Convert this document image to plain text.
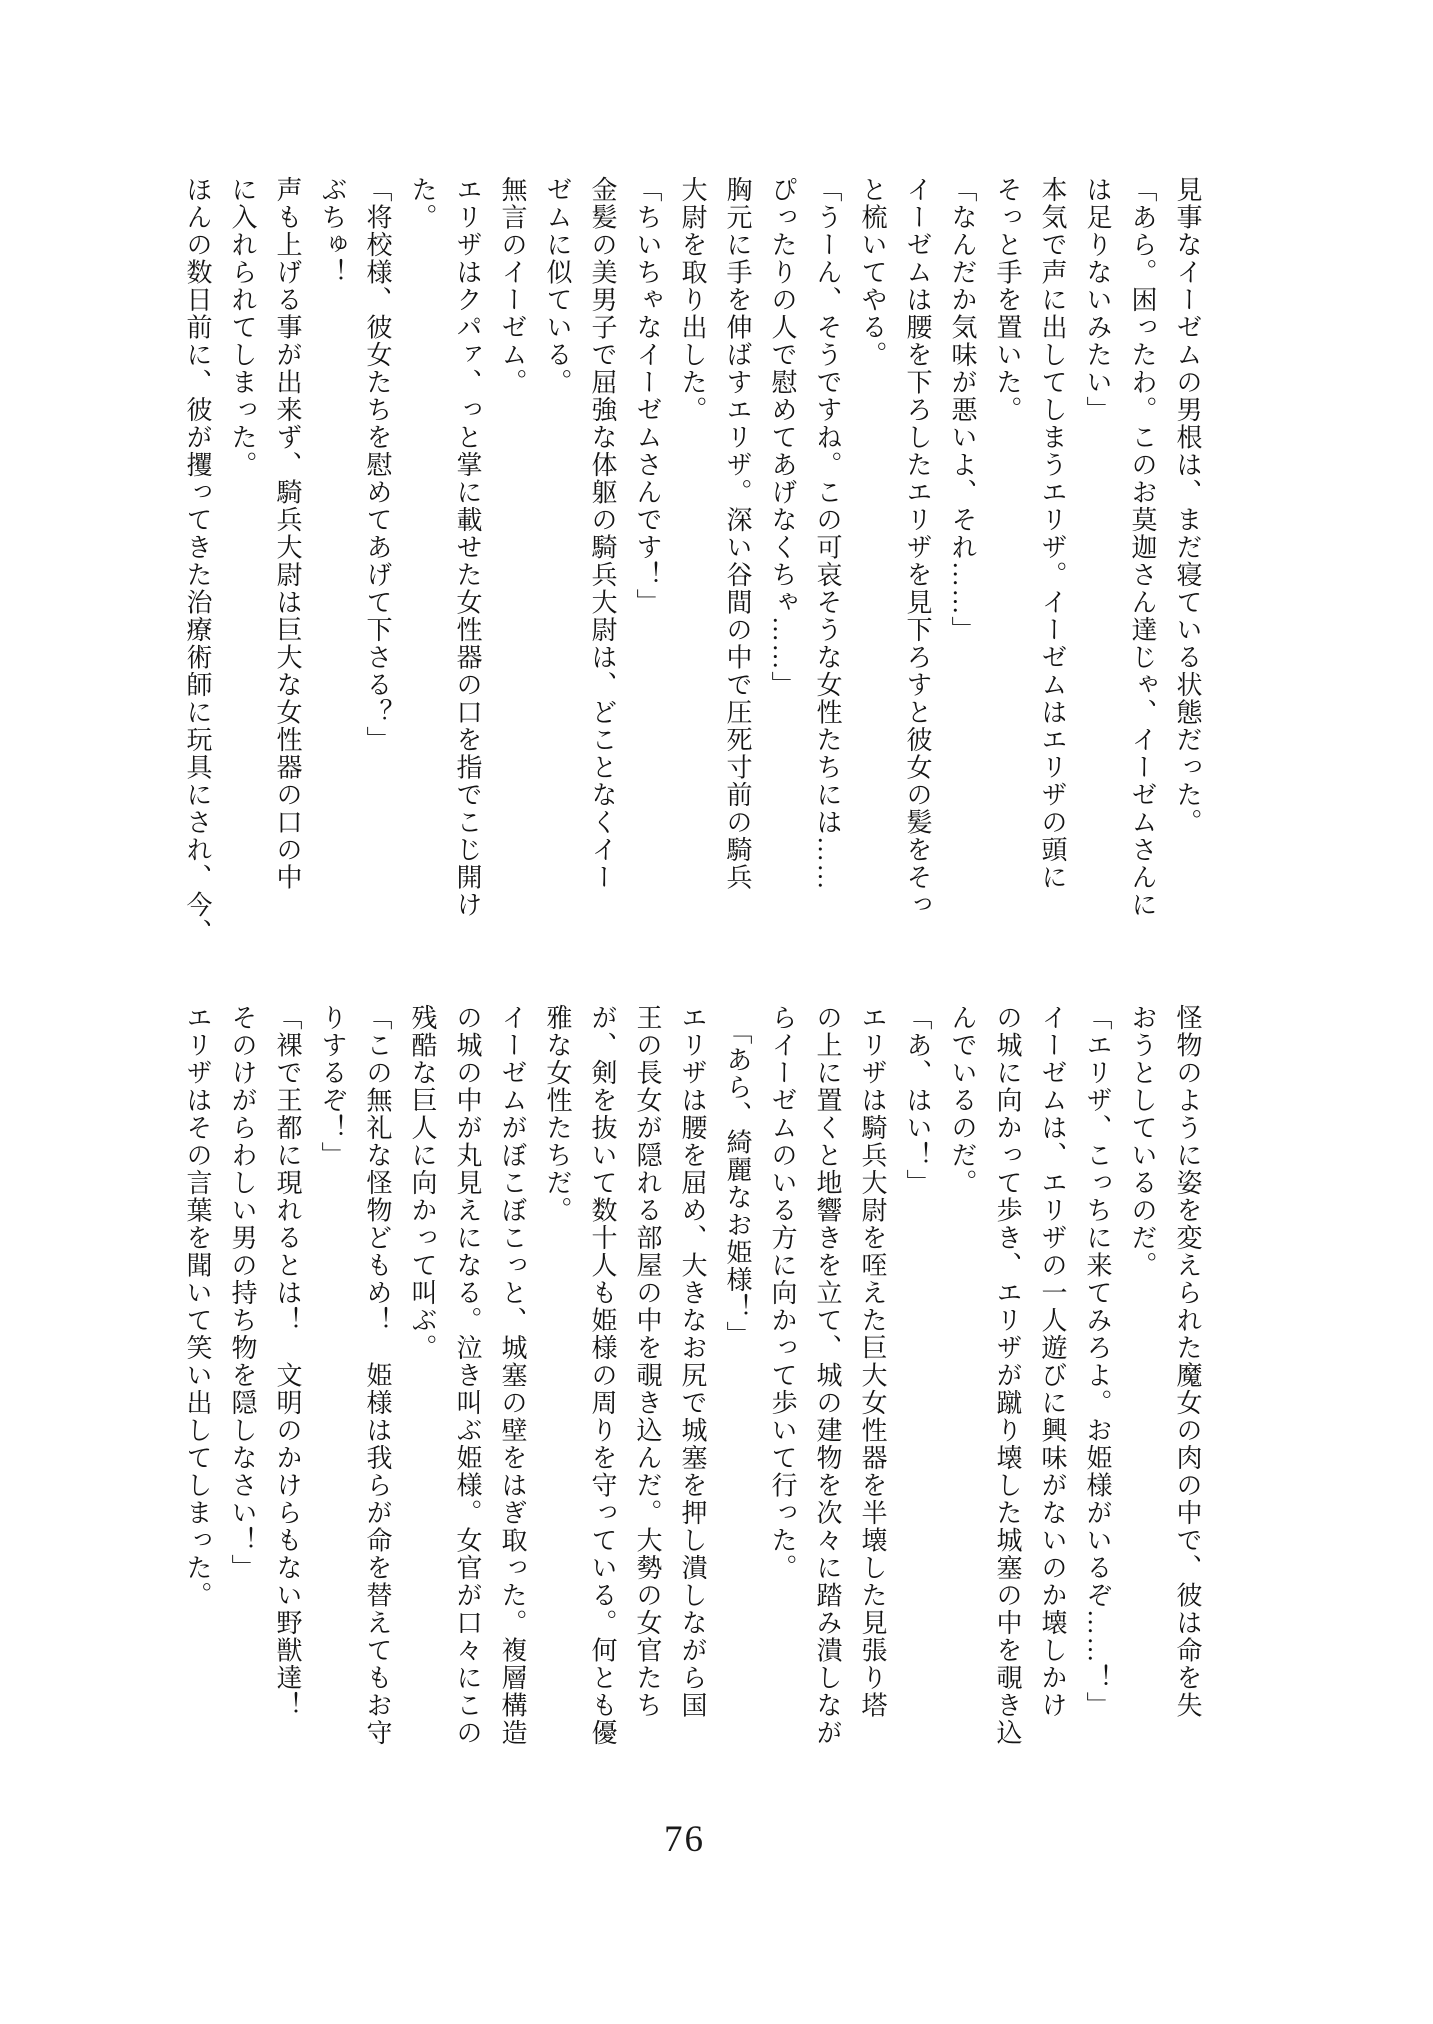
見事なイーゼムの男根は、まだ寝ている状態だった。

「あら。困ったわ。このお莫迦さん達じゃ、イーゼムさんに

は足りないみたい」

本気で声に出してしまうエリザ。イーゼムはエリザの頭に

そっと手を置いた。

「なんだか気味が悪いよ、それ……」

イーゼムは腰を下ろしたエリザを見下ろすと彼女の髪をそっ

と梳いてやる。

「うーん、そうですね。この可哀そうな女性たちには……

ぴったりの人で慰めてあげなくちゃ……」

胸元に手を伸ばすエリザ。深い谷間の中で圧死寸前の騎兵

大尉を取り出した。

「ちいちゃなイーゼムさんです！」

金髪の美男子で屈強な体躯の騎兵大尉は、どことなくイー

ゼムに似ている。

無言のイーゼム。

エリザはクパァ、っと掌に載せた女性器の口を指でこじ開け

た。

「将校様、彼女たちを慰めてあげて下さる？」

ぶちゅ！

声も上げる事が出来ず、騎兵大尉は巨大な女性器の口の中

に入れられてしまった。

ほんの数日前に、彼が攫ってきた治療術師に玩具にされ、今、

怪物のように姿を変えられた魔女の肉の中で、彼は命を失

おうとしているのだ。

「エリザ、こっちに来てみろよ。お姫様がいるぞ……！」

イーゼムは、エリザの一人遊びに興味がないのか壊しかけ

の城に向かって歩き、エリザが蹴り壊した城塞の中を覗き込

んでいるのだ。

「あ、はい！」

エリザは騎兵大尉を咥えた巨大女性器を半壊した見張り塔

の上に置くと地響きを立て、城の建物を次々に踏み潰しなが

らイーゼムのいる方に向かって歩いて行った。

　「あら、綺麗なお姫様！」

エリザは腰を屈め、大きなお尻で城塞を押し潰しながら国

王の長女が隠れる部屋の中を覗き込んだ。大勢の女官たち

が、剣を抜いて数十人も姫様の周りを守っている。何とも優

雅な女性たちだ。

イーゼムがぼこぼこっと、城塞の壁をはぎ取った。複層構造

の城の中が丸見えになる。泣き叫ぶ姫様。女官が口々にこの

残酷な巨人に向かって叫ぶ。

「この無礼な怪物どもめ！　姫様は我らが命を替えてもお守

りするぞ！」

「裸で王都に現れるとは！　文明のかけらもない野獣達！

そのけがらわしい男の持ち物を隠しなさい！」

エリザはその言葉を聞いて笑い出してしまった。

76
